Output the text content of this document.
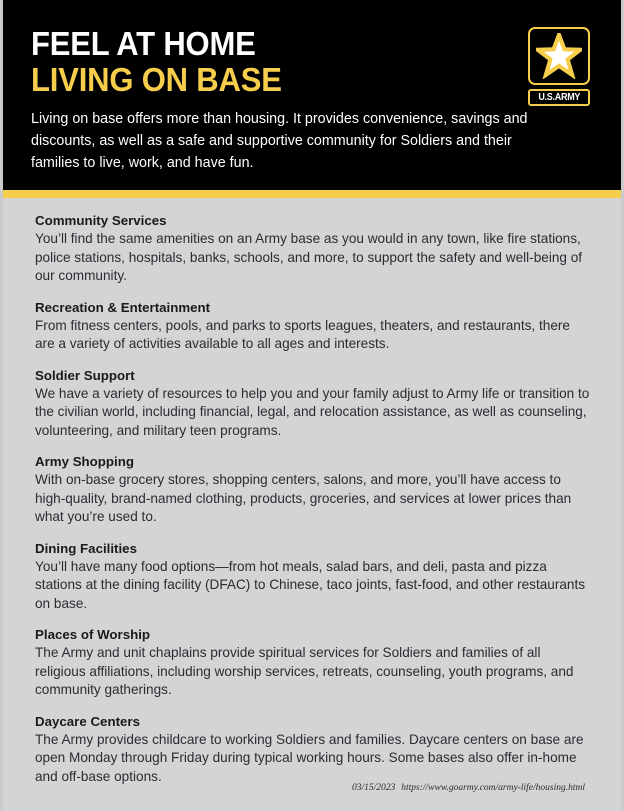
FEEL AT HOME
LIVING ON BASE

Living on base offers more than housing. It provides convenience, savings and discounts, as well as a safe and supportive community for Soldiers and their families to live, work, and have fun.

U.S.ARMY
Community Services

You’ll find the same amenities on an Army base as you would in any town, like fire stations, police stations, hospitals, banks, schools, and more, to support the safety and well-being of our community.

Recreation & Entertainment

From fitness centers, pools, and parks to sports leagues, theaters, and restaurants, there are a variety of activities available to all ages and interests.

Soldier Support

We have a variety of resources to help you and your family adjust to Army life or transition to the civilian world, including financial, legal, and relocation assistance, as well as counseling, volunteering, and military teen programs.

Army Shopping

With on-base grocery stores, shopping centers, salons, and more, you’ll have access to high-quality, brand-named clothing, products, groceries, and services at lower prices than what you’re used to.

Dining Facilities

You’ll have many food options—from hot meals, salad bars, and deli, pasta and pizza stations at the dining facility (DFAC) to Chinese, taco joints, fast-food, and other restaurants on base.

Places of Worship

The Army and unit chaplains provide spiritual services for Soldiers and families of all religious affiliations, including worship services, retreats, counseling, youth programs, and community gatherings.

Daycare Centers

The Army provides childcare to working Soldiers and families. Daycare centers on base are open Monday through Friday during typical working hours. Some bases also offer in-home and off-base options.

03/15/2023 https://www.goarmy.com/army-life/housing.html
